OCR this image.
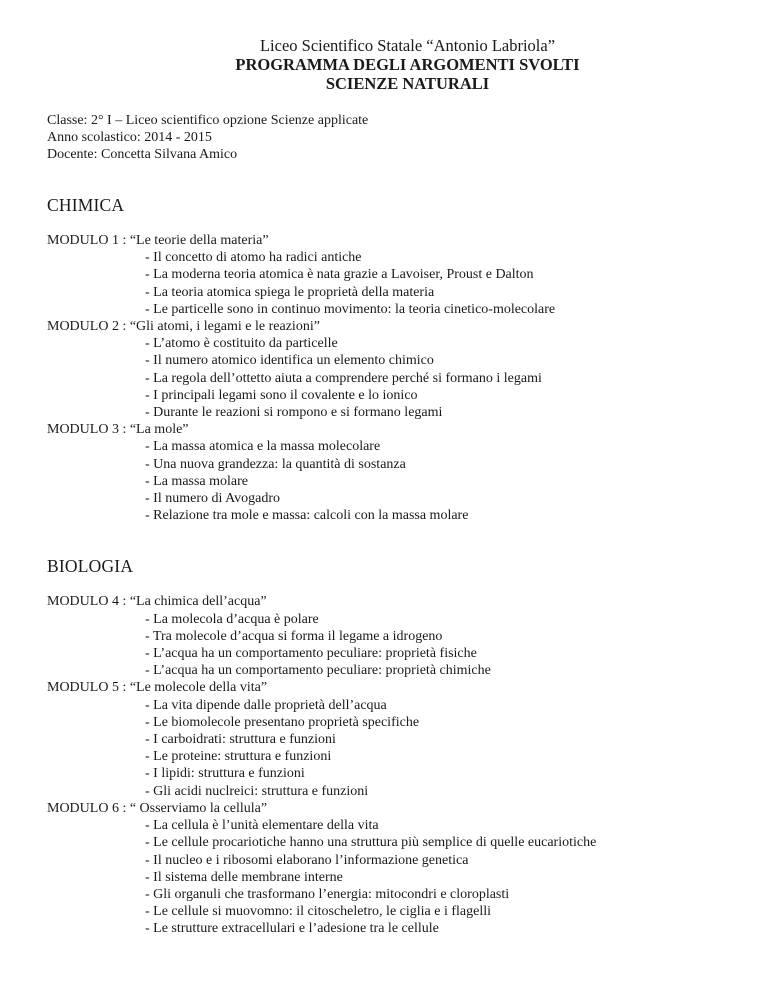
Liceo Scientifico Statale “Antonio Labriola”
PROGRAMMA DEGLI ARGOMENTI SVOLTI
SCIENZE NATURALI
Classe: 2° I – Liceo scientifico opzione Scienze applicate
Anno scolastico: 2014 - 2015
Docente: Concetta Silvana Amico
CHIMICA
MODULO 1 : “Le teorie della materia”
- Il concetto di atomo ha radici antiche
- La moderna teoria atomica è nata grazie a Lavoiser, Proust e Dalton
- La teoria atomica spiega le proprietà della materia
- Le particelle sono in continuo movimento: la teoria cinetico-molecolare
MODULO 2 : “Gli atomi, i legami e le reazioni”
- L’atomo è costituito da particelle
- Il numero atomico identifica un elemento chimico
- La regola dell’ottetto aiuta a comprendere perché si formano i legami
- I principali legami sono il covalente e lo ionico
- Durante le reazioni si rompono e si formano legami
MODULO 3 : “La mole”
- La massa atomica e la massa molecolare
- Una nuova grandezza: la quantità di sostanza
- La massa molare
- Il numero di Avogadro
- Relazione tra mole e massa: calcoli con la massa molare
BIOLOGIA
MODULO 4 : “La chimica dell’acqua”
- La molecola d’acqua è polare
- Tra molecole d’acqua si forma il legame a idrogeno
- L’acqua ha un comportamento peculiare: proprietà fisiche
- L’acqua ha un comportamento peculiare: proprietà chimiche
MODULO 5 : “Le molecole della vita”
- La vita dipende dalle proprietà dell’acqua
- Le biomolecole presentano proprietà specifiche
- I carboidrati: struttura e funzioni
- Le proteine: struttura e funzioni
- I lipidi: struttura e funzioni
- Gli acidi nuclreici: struttura e funzioni
MODULO 6 : “ Osserviamo la cellula”
- La cellula è l’unità elementare della vita
- Le cellule procariotiche hanno una struttura più semplice di quelle eucariotiche
- Il nucleo e i ribosomi elaborano l’informazione genetica
- Il sistema delle membrane interne
- Gli organuli che trasformano l’energia: mitocondri e cloroplasti
- Le cellule si muovomno: il citoscheletro, le ciglia e i flagelli
- Le strutture extracellulari e l’adesione tra le cellule
